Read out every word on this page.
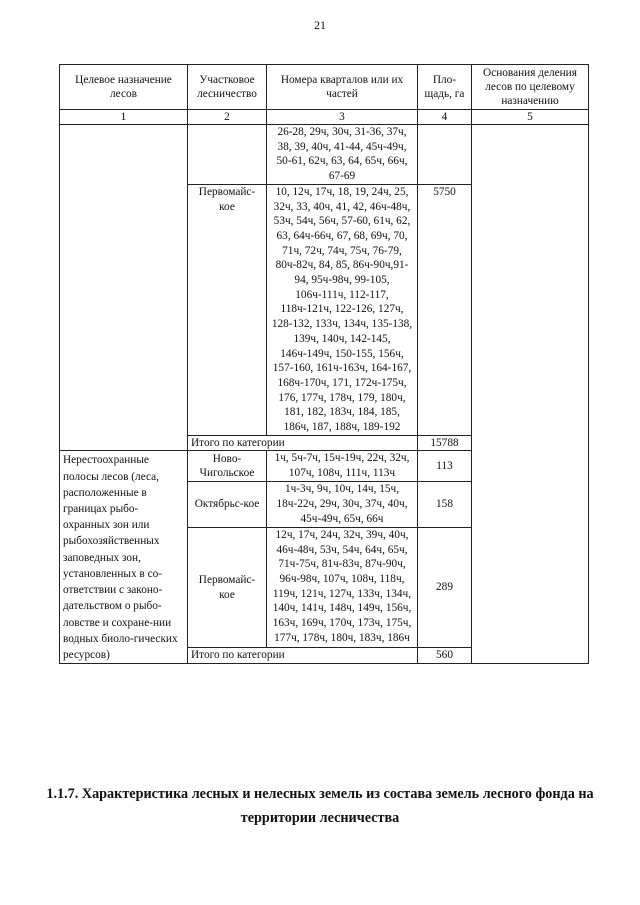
21
Целевое назначение лесов	Участковое лесничество	Номера кварталов или их частей	Пло-щадь, га	Основания деления лесов по целевому назначению
1	2	3	4	5
		26-28, 29ч, 30ч, 31-36, 37ч, 38, 39, 40ч, 41-44, 45ч-49ч, 50-61, 62ч, 63, 64, 65ч, 66ч, 67-69		
	Первомайс-кое	10, 12ч, 17ч, 18, 19, 24ч, 25, 32ч, 33, 40ч, 41, 42, 46ч-48ч, 53ч, 54ч, 56ч, 57-60, 61ч, 62, 63, 64ч-66ч, 67, 68, 69ч, 70, 71ч, 72ч, 74ч, 75ч, 76-79, 80ч-82ч, 84, 85, 86ч-90ч,91-94, 95ч-98ч, 99-105, 106ч-111ч, 112-117, 118ч-121ч, 122-126, 127ч, 128-132, 133ч, 134ч, 135-138, 139ч, 140ч, 142-145, 146ч-149ч, 150-155, 156ч, 157-160, 161ч-163ч, 164-167, 168ч-170ч, 171, 172ч-175ч, 176, 177ч, 178ч, 179, 180ч, 181, 182, 183ч, 184, 185, 186ч, 187, 188ч, 189-192	5750	
	Итого по категории		15788	

Нерестоохранные полосы лесов (леса, расположенные в границах рыбо-охранных зон или рыбохозяйственных заповедных зон, установленных в со-ответствии с законо-дательством о рыбо-ловстве и сохране-нии водных биоло-гических ресурсов)	Ново-Чигольское	1ч, 5ч-7ч, 15ч-19ч, 22ч, 32ч, 107ч, 108ч, 111ч, 113ч	113	
	Октябрьс-кое	1ч-3ч, 9ч, 10ч, 14ч, 15ч, 18ч-22ч, 29ч, 30ч, 37ч, 40ч, 45ч-49ч, 65ч, 66ч	158	
	Первомайс-кое	12ч, 17ч, 24ч, 32ч, 39ч, 40ч, 46ч-48ч, 53ч, 54ч, 64ч, 65ч, 71ч-75ч, 81ч-83ч, 87ч-90ч, 96ч-98ч, 107ч, 108ч, 118ч, 119ч, 121ч, 127ч, 133ч, 134ч, 140ч, 141ч, 148ч, 149ч, 156ч, 163ч, 169ч, 170ч, 173ч, 175ч, 177ч, 178ч, 180ч, 183ч, 186ч	289	
	Итого по категории		560	
1.1.7. Характеристика лесных и нелесных земель из состава земель лесного фонда на территории лесничества
